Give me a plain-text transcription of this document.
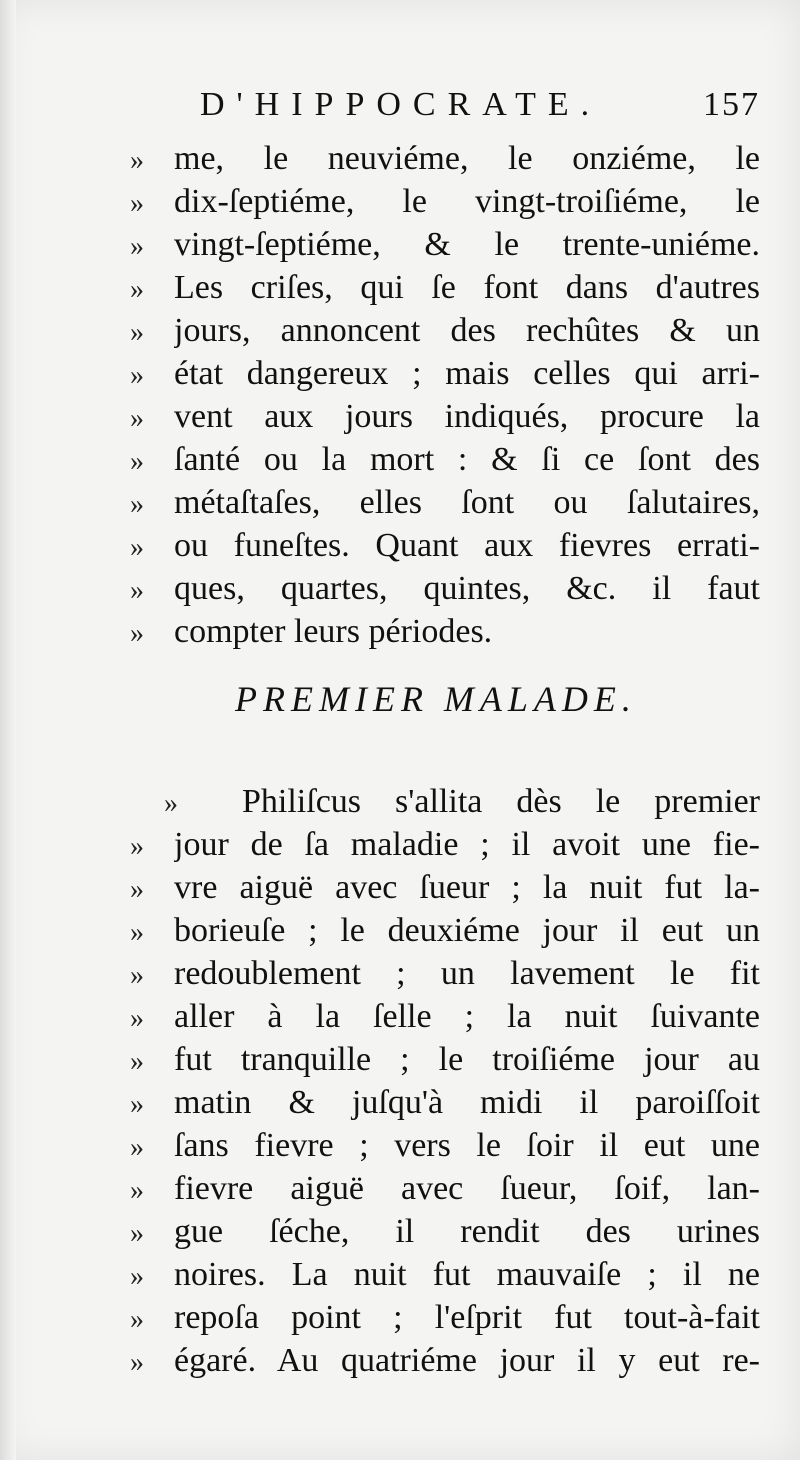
D'HIPPOCRATE.	157
» me, le neuviéme, le onziéme, le
» dix-ſeptiéme, le vingt-troiſiéme, le
» vingt-ſeptiéme, & le trente-uniéme.
» Les criſes, qui ſe font dans d'autres
» jours, annoncent des rechûtes & un
» état dangereux ; mais celles qui arri-
» vent aux jours indiqués, procure la
» ſanté ou la mort : & ſi ce ſont des
» métaſtaſes, elles ſont ou ſalutaires,
» ou funeſtes. Quant aux fievres errati-
» ques, quartes, quintes, &c. il faut
» compter leurs périodes.
PREMIER MALADE.
»	Philiſcus s'allita dès le premier
» jour de ſa maladie ; il avoit une fie-
» vre aiguë avec ſueur ; la nuit fut la-
» borieuſe ; le deuxiéme jour il eut un
» redoublement ; un lavement le fit
» aller à la ſelle ; la nuit ſuivante
» fut tranquille ; le troiſiéme jour au
» matin & juſqu'à midi il paroiſſoit
» ſans fievre ; vers le ſoir il eut une
» fievre aiguë avec ſueur, ſoif, lan-
» gue ſéche, il rendit des urines
» noires. La nuit fut mauvaiſe ; il ne
» repoſa point ; l'eſprit fut tout-à-fait
» égaré. Au quatriéme jour il y eut re-
